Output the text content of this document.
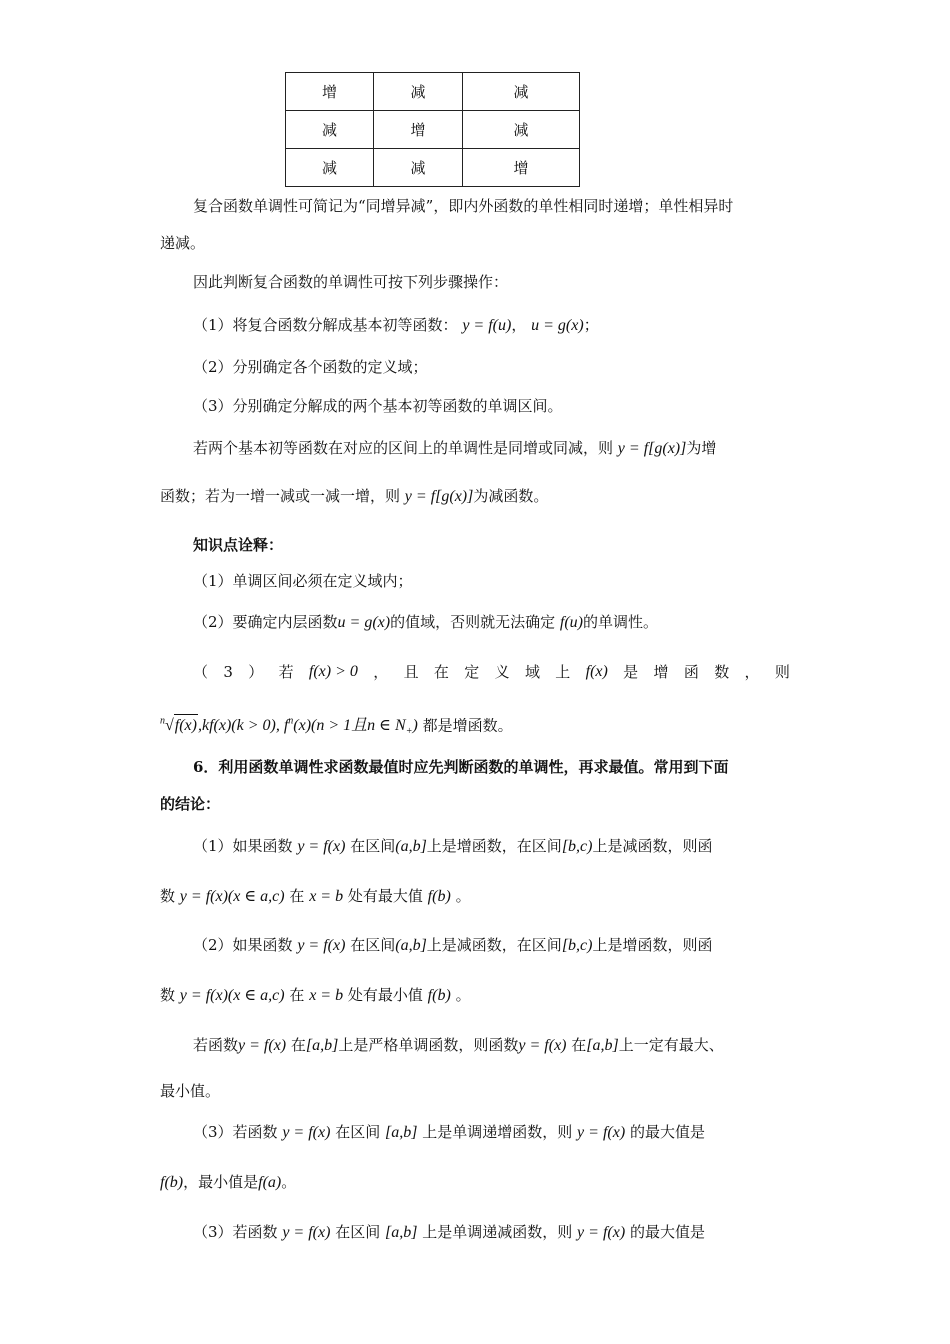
增	减	减
减	增	减
减	减	增
复合函数单调性可简记为“同增异减”，即内外函数的单性相同时递增；单性相异时
递减。
因此判断复合函数的单调性可按下列步骤操作：
（1）将复合函数分解成基本初等函数： y = f(u)， u = g(x)；
（2）分别确定各个函数的定义域；
（3）分别确定分解成的两个基本初等函数的单调区间。
若两个基本初等函数在对应的区间上的单调性是同增或同减，则 y = f[g(x)]为增
函数；若为一增一减或一减一增，则 y = f[g(x)]为减函数。
知识点诠释：
（1）单调区间必须在定义域内；
（2）要确定内层函数u = g(x)的值域，否则就无法确定 f(u)的单调性。
（ 3 ） 若 f(x) > 0 ， 且 在 定 义 域 上 f(x) 是 增 函 数 ， 则
$^n$√f(x),kf(x)(k > 0), $f^n(x)(n > 1$且n ∈ $N_+$) 都是增函数。
6．利用函数单调性求函数最值时应先判断函数的单调性，再求最值。常用到下面
的结论：
（1）如果函数 y = f(x) 在区间(a,b]上是增函数，在区间[b,c)上是减函数，则函
数 y = f(x)(x ∈ a,c) 在 x = b 处有最大值 f(b) 。
（2）如果函数 y = f(x) 在区间(a,b]上是减函数，在区间[b,c)上是增函数，则函
数 y = f(x)(x ∈ a,c) 在 x = b 处有最小值 f(b) 。
若函数y = f(x) 在[a,b]上是严格单调函数，则函数y = f(x) 在[a,b]上一定有最大、
最小值。
（3）若函数 y = f(x) 在区间 [a,b] 上是单调递增函数，则 y = f(x) 的最大值是
f(b)，最小值是f(a)。
（3）若函数 y = f(x) 在区间 [a,b] 上是单调递减函数，则 y = f(x) 的最大值是
